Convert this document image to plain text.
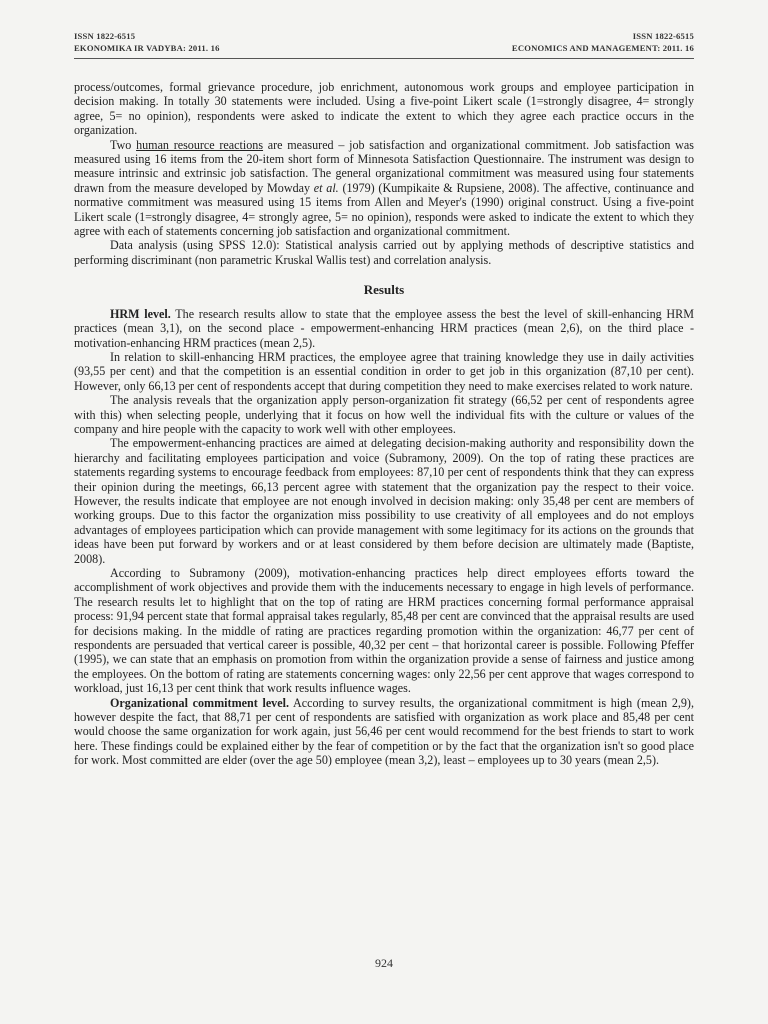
ISSN 1822-6515	ISSN 1822-6515
EKONOMIKA IR VADYBA: 2011. 16	ECONOMICS AND MANAGEMENT: 2011. 16

process/outcomes, formal grievance procedure, job enrichment, autonomous work groups and employee participation in decision making. In totally 30 statements were included. Using a five-point Likert scale (1=strongly disagree, 4= strongly agree, 5= no opinion), respondents were asked to indicate the extent to which they agree each practice occurs in the organization.

Two human resource reactions are measured – job satisfaction and organizational commitment. Job satisfaction was measured using 16 items from the 20-item short form of Minnesota Satisfaction Questionnaire. The instrument was design to measure intrinsic and extrinsic job satisfaction. The general organizational commitment was measured using four statements drawn from the measure developed by Mowday et al. (1979) (Kumpikaite & Rupsiene, 2008). The affective, continuance and normative commitment was measured using 15 items from Allen and Meyer's (1990) original construct. Using a five-point Likert scale (1=strongly disagree, 4= strongly agree, 5= no opinion), responds were asked to indicate the extent to which they agree with each of statements concerning job satisfaction and organizational commitment.

Data analysis (using SPSS 12.0): Statistical analysis carried out by applying methods of descriptive statistics and performing discriminant (non parametric Kruskal Wallis test) and correlation analysis.

Results

HRM level. The research results allow to state that the employee assess the best the level of skill-enhancing HRM practices (mean 3,1), on the second place - empowerment-enhancing HRM practices (mean 2,6), on the third place - motivation-enhancing HRM practices (mean 2,5).

In relation to skill-enhancing HRM practices, the employee agree that training knowledge they use in daily activities (93,55 per cent) and that the competition is an essential condition in order to get job in this organization (87,10 per cent). However, only 66,13 per cent of respondents accept that during competition they need to make exercises related to work nature.

The analysis reveals that the organization apply person-organization fit strategy (66,52 per cent of respondents agree with this) when selecting people, underlying that it focus on how well the individual fits with the culture or values of the company and hire people with the capacity to work well with other employees.

The empowerment-enhancing practices are aimed at delegating decision-making authority and responsibility down the hierarchy and facilitating employees participation and voice (Subramony, 2009). On the top of rating these practices are statements regarding systems to encourage feedback from employees: 87,10 per cent of respondents think that they can express their opinion during the meetings, 66,13 percent agree with statement that the organization pay the respect to their voice. However, the results indicate that employee are not enough involved in decision making: only 35,48 per cent are members of working groups. Due to this factor the organization miss possibility to use creativity of all employees and do not employs advantages of employees participation which can provide management with some legitimacy for its actions on the grounds that ideas have been put forward by workers and or at least considered by them before decision are ultimately made (Baptiste, 2008).

According to Subramony (2009), motivation-enhancing practices help direct employees efforts toward the accomplishment of work objectives and provide them with the inducements necessary to engage in high levels of performance. The research results let to highlight that on the top of rating are HRM practices concerning formal performance appraisal process: 91,94 percent state that formal appraisal takes regularly, 85,48 per cent are convinced that the appraisal results are used for decisions making. In the middle of rating are practices regarding promotion within the organization: 46,77 per cent of respondents are persuaded that vertical career is possible, 40,32 per cent – that horizontal career is possible. Following Pfeffer (1995), we can state that an emphasis on promotion from within the organization provide a sense of fairness and justice among the employees. On the bottom of rating are statements concerning wages: only 22,56 per cent approve that wages correspond to workload, just 16,13 per cent think that work results influence wages.

Organizational commitment level. According to survey results, the organizational commitment is high (mean 2,9), however despite the fact, that 88,71 per cent of respondents are satisfied with organization as work place and 85,48 per cent would choose the same organization for work again, just 56,46 per cent would recommend for the best friends to start to work here. These findings could be explained either by the fear of competition or by the fact that the organization isn't so good place for work. Most committed are elder (over the age 50) employee (mean 3,2), least – employees up to 30 years (mean 2,5).

924
